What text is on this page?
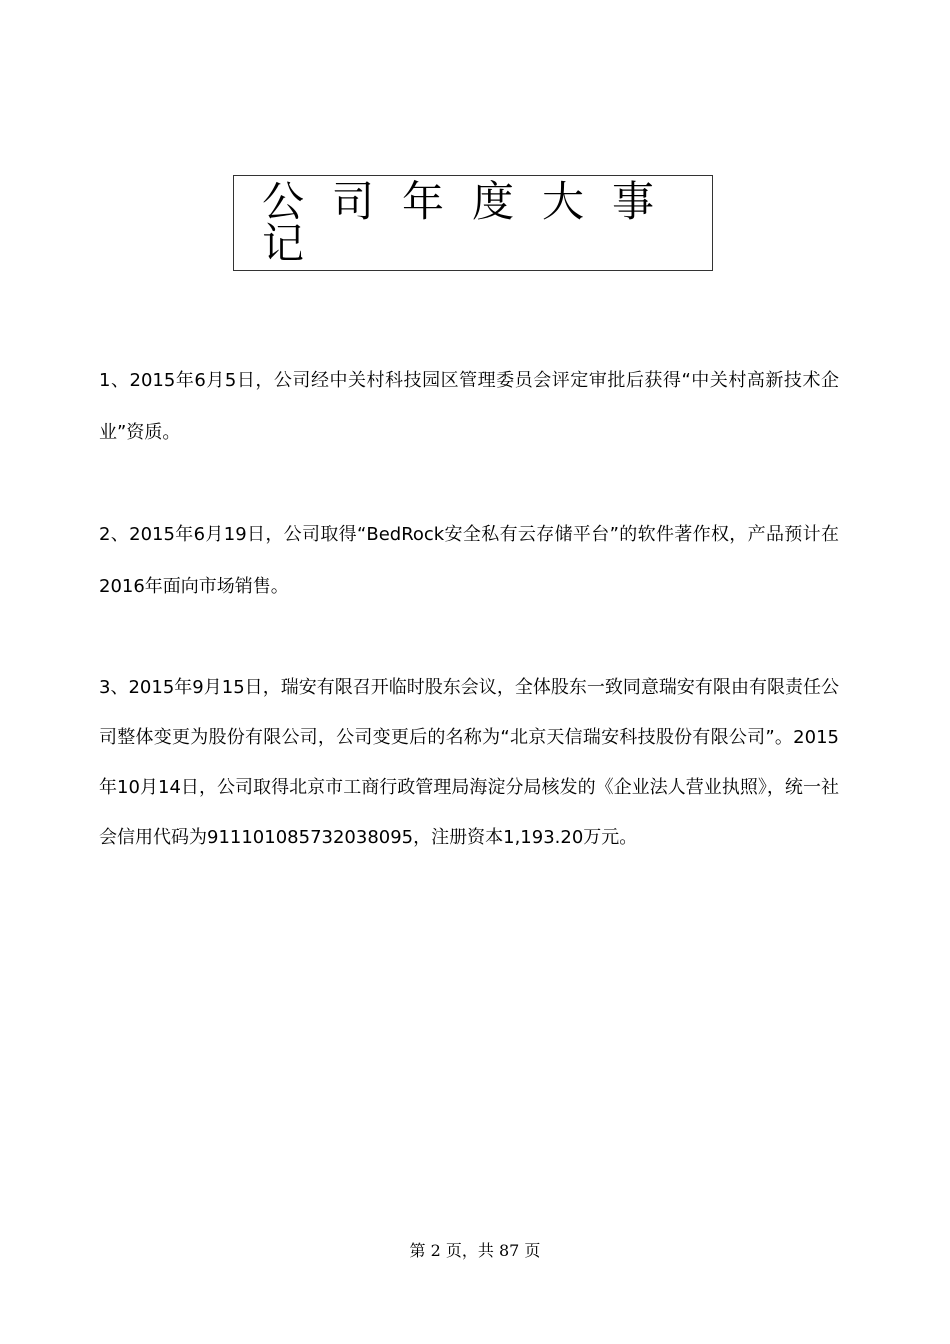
公司年度大事记

1、2015年6月5日，公司经中关村科技园区管理委员会评定审批后获得“中关村高新技术企业”资质。

2、2015年6月19日，公司取得“BedRock安全私有云存储平台”的软件著作权，产品预计在2016年面向市场销售。

3、2015年9月15日，瑞安有限召开临时股东会议，全体股东一致同意瑞安有限由有限责任公司整体变更为股份有限公司，公司变更后的名称为“北京天信瑞安科技股份有限公司”。2015年10月14日，公司取得北京市工商行政管理局海淀分局核发的《企业法人营业执照》，统一社会信用代码为911101085732038095，注册资本1,193.20万元。

第 2 页，共 87 页
